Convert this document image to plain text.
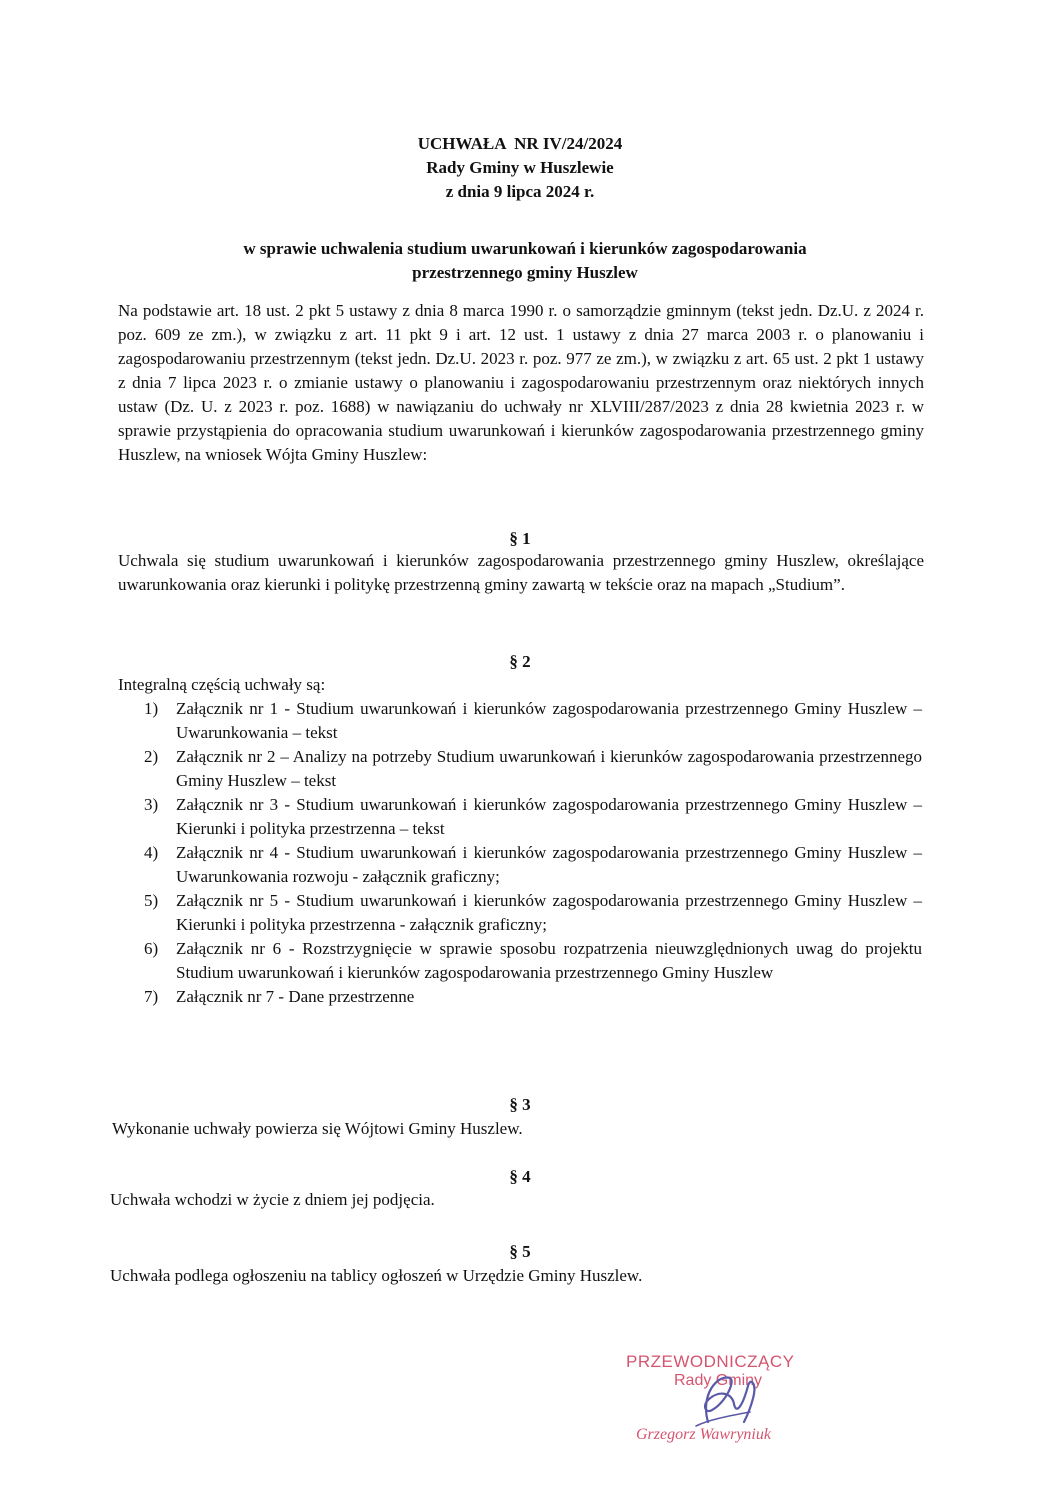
UCHWAŁA  NR IV/24/2024
Rady Gminy w Huszlewie
z dnia 9 lipca 2024 r.
w sprawie uchwalenia studium uwarunkowań i kierunków zagospodarowania
przestrzennego gminy Huszlew
Na podstawie art. 18 ust. 2 pkt 5 ustawy z dnia 8 marca 1990 r. o samorządzie gminnym (tekst jedn. Dz.U. z 2024 r. poz. 609 ze zm.), w związku z art. 11 pkt 9 i art. 12 ust. 1 ustawy z dnia 27 marca 2003 r. o planowaniu i zagospodarowaniu przestrzennym (tekst jedn. Dz.U. 2023 r. poz. 977 ze zm.), w związku z art. 65 ust. 2 pkt 1 ustawy z dnia 7 lipca 2023 r. o zmianie ustawy o planowaniu i zagospodarowaniu przestrzennym oraz niektórych innych ustaw (Dz. U. z 2023 r. poz. 1688) w nawiązaniu do uchwały nr XLVIII/287/2023 z dnia 28 kwietnia 2023 r. w sprawie przystąpienia do opracowania studium uwarunkowań i kierunków zagospodarowania przestrzennego gminy Huszlew, na wniosek Wójta Gminy Huszlew:
§ 1
Uchwala się studium uwarunkowań i kierunków zagospodarowania przestrzennego gminy Huszlew, określające uwarunkowania oraz kierunki i politykę przestrzenną gminy zawartą w tekście oraz na mapach „Studium”.
§ 2
Integralną częścią uchwały są:
1) Załącznik nr 1 - Studium uwarunkowań i kierunków zagospodarowania przestrzennego Gminy Huszlew – Uwarunkowania – tekst
2) Załącznik nr 2 – Analizy na potrzeby Studium uwarunkowań i kierunków zagospodarowania przestrzennego Gminy Huszlew – tekst
3) Załącznik nr 3 - Studium uwarunkowań i kierunków zagospodarowania przestrzennego Gminy Huszlew – Kierunki i polityka przestrzenna – tekst
4) Załącznik nr 4 - Studium uwarunkowań i kierunków zagospodarowania przestrzennego Gminy Huszlew – Uwarunkowania rozwoju - załącznik graficzny;
5) Załącznik nr 5 - Studium uwarunkowań i kierunków zagospodarowania przestrzennego Gminy Huszlew – Kierunki i polityka przestrzenna - załącznik graficzny;
6) Załącznik nr 6 - Rozstrzygnięcie w sprawie sposobu rozpatrzenia nieuwzględnionych uwag do projektu Studium uwarunkowań i kierunków zagospodarowania przestrzennego Gminy Huszlew
7) Załącznik nr 7 - Dane przestrzenne
§ 3
Wykonanie uchwały powierza się Wójtowi Gminy Huszlew.
§ 4
Uchwała wchodzi w życie z dniem jej podjęcia.
§ 5
Uchwała podlega ogłoszeniu na tablicy ogłoszeń w Urzędzie Gminy Huszlew.
PRZEWODNICZĄCY
Rady Gminy
Grzegorz Wawryniuk
